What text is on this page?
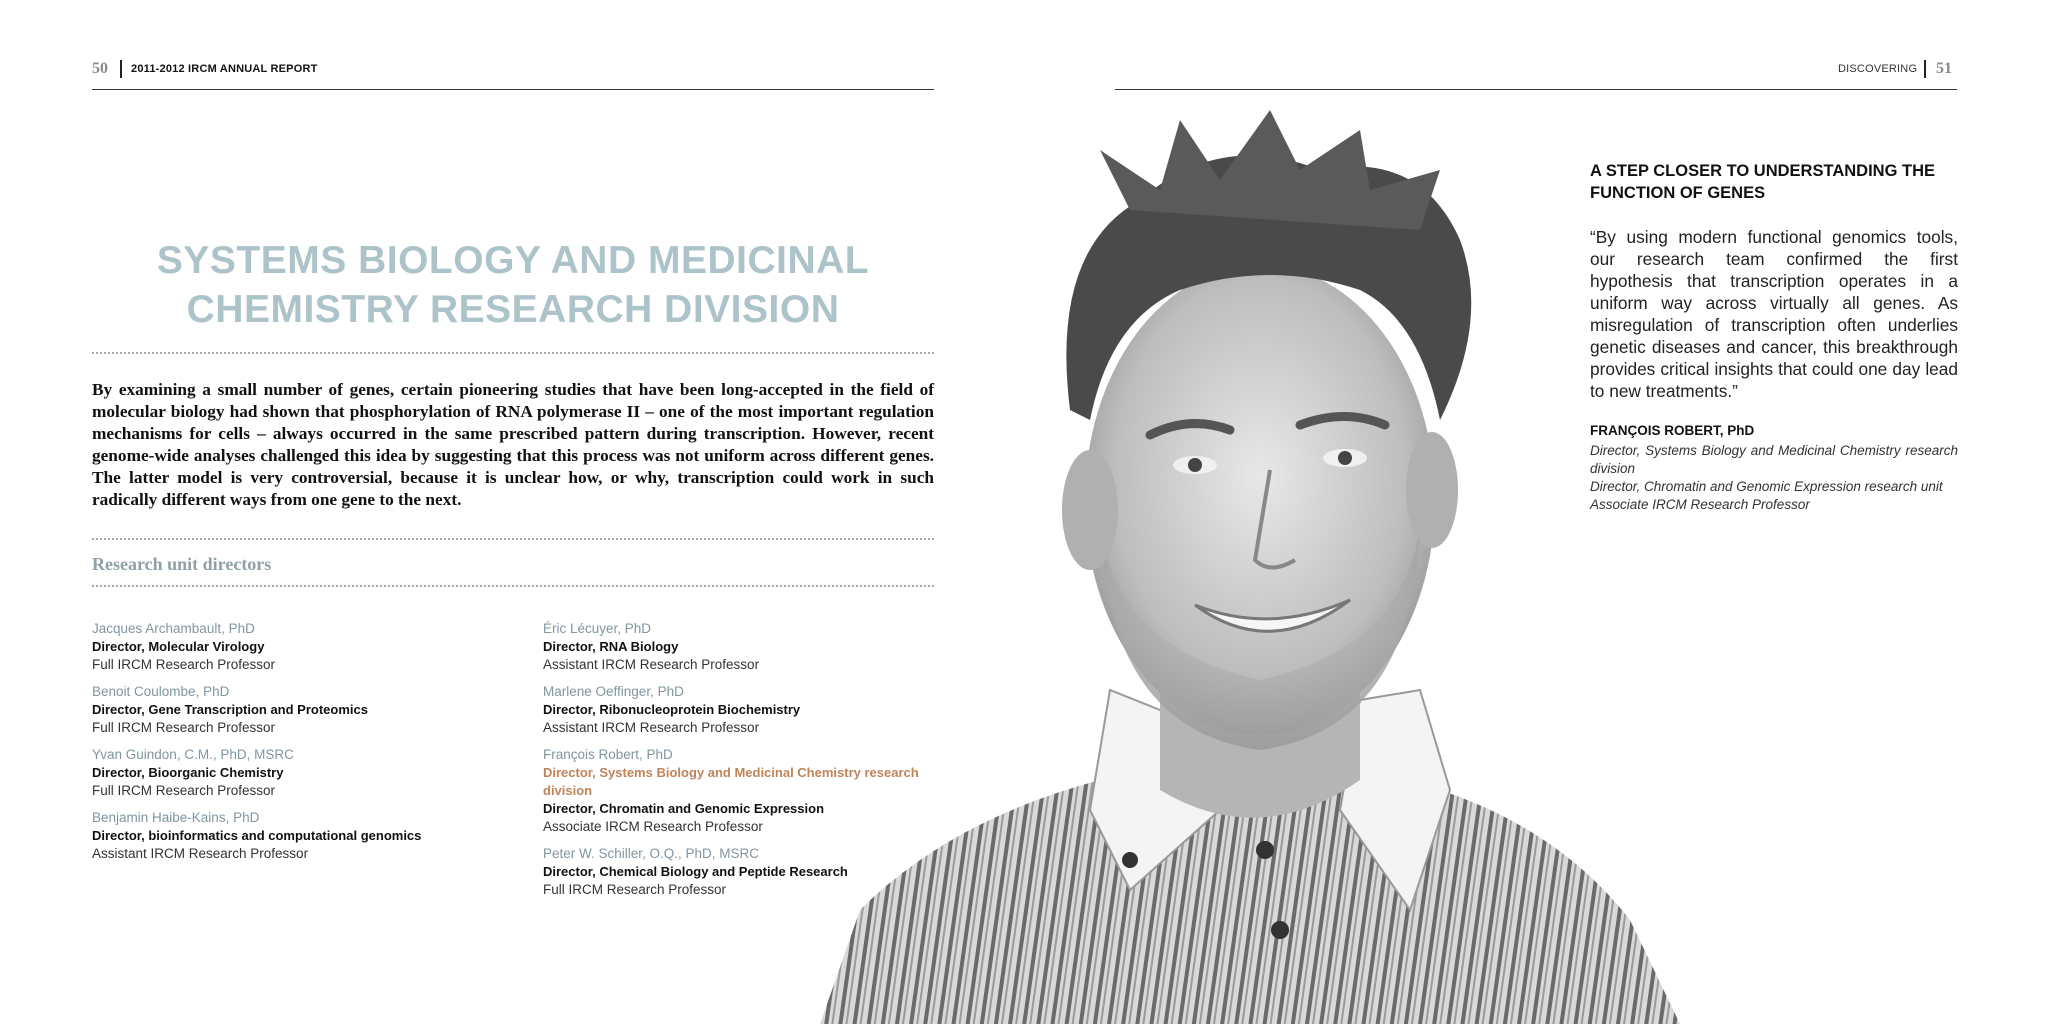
50 2011-2012 IRCM ANNUAL REPORT	DISCOVERING 51
SYSTEMS BIOLOGY AND MEDICINAL
CHEMISTRY RESEARCH DIVISION

By examining a small number of genes, certain pioneering studies that have been long-accepted in the field of molecular biology had shown that phosphorylation of RNA polymerase II – one of the most important regulation mechanisms for cells – always occurred in the same prescribed pattern during transcription. However, recent genome-wide analyses challenged this idea by suggesting that this process was not uniform across different genes. The latter model is very controversial, because it is unclear how, or why, transcription could work in such radically different ways from one gene to the next.

Research unit directors
Jacques Archambault, PhD
Director, Molecular Virology
Full IRCM Research Professor
Benoit Coulombe, PhD
Director, Gene Transcription and Proteomics
Full IRCM Research Professor
Yvan Guindon, C.M., PhD, MSRC
Director, Bioorganic Chemistry
Full IRCM Research Professor
Benjamin Haibe-Kains, PhD
Director, bioinformatics and computational genomics
Assistant IRCM Research Professor
Éric Lécuyer, PhD
Director, RNA Biology
Assistant IRCM Research Professor
Marlene Oeffinger, PhD
Director, Ribonucleoprotein Biochemistry
Assistant IRCM Research Professor
François Robert, PhD
Director, Systems Biology and Medicinal Chemistry research division
Director, Chromatin and Genomic Expression
Associate IRCM Research Professor
Peter W. Schiller, O.Q., PhD, MSRC
Director, Chemical Biology and Peptide Research
Full IRCM Research Professor
A STEP CLOSER TO UNDERSTANDING THE FUNCTION OF GENES

“By using modern functional genomics tools, our research team confirmed the first hypothesis that transcription operates in a uniform way across virtually all genes. As misregulation of transcription often underlies genetic diseases and cancer, this breakthrough provides critical insights that could one day lead to new treatments.”

FRANÇOIS ROBERT, PhD
Director, Systems Biology and Medicinal Chemistry research division
Director, Chromatin and Genomic Expression research unit
Associate IRCM Research Professor
